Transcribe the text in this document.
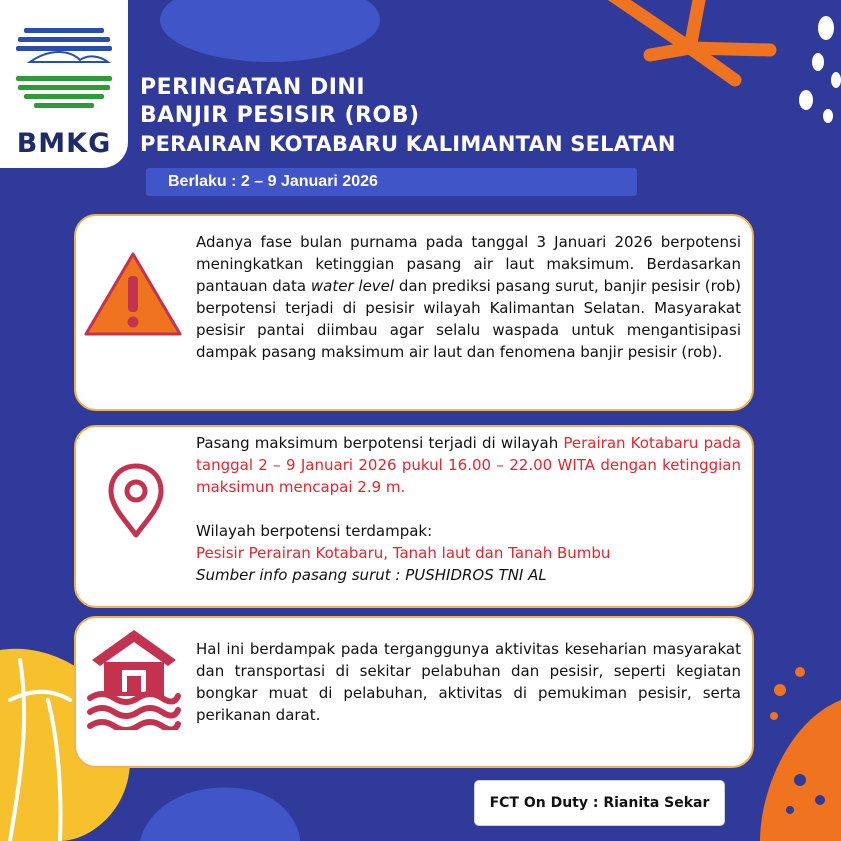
BMKG
PERINGATAN DINI
BANJIR PESISIR (ROB)
PERAIRAN KOTABARU KALIMANTAN SELATAN
Berlaku : 2 – 9 Januari 2026
Adanya fase bulan purnama pada tanggal 3 Januari 2026 berpotensi meningkatkan ketinggian pasang air laut maksimum. Berdasarkan pantauan data water level dan prediksi pasang surut, banjir pesisir (rob) berpotensi terjadi di pesisir wilayah Kalimantan Selatan. Masyarakat pesisir pantai diimbau agar selalu waspada untuk mengantisipasi dampak pasang maksimum air laut dan fenomena banjir pesisir (rob).
Pasang maksimum berpotensi terjadi di wilayah Perairan Kotabaru pada tanggal 2 – 9 Januari 2026 pukul 16.00 – 22.00 WITA dengan ketinggian maksimun mencapai 2.9 m.
Wilayah berpotensi terdampak:
Pesisir Perairan Kotabaru, Tanah laut dan Tanah Bumbu
Sumber info pasang surut : PUSHIDROS TNI AL
Hal ini berdampak pada terganggunya aktivitas keseharian masyarakat dan transportasi di sekitar pelabuhan dan pesisir, seperti kegiatan bongkar muat di pelabuhan, aktivitas di pemukiman pesisir, serta perikanan darat.
FCT On Duty : Rianita Sekar
